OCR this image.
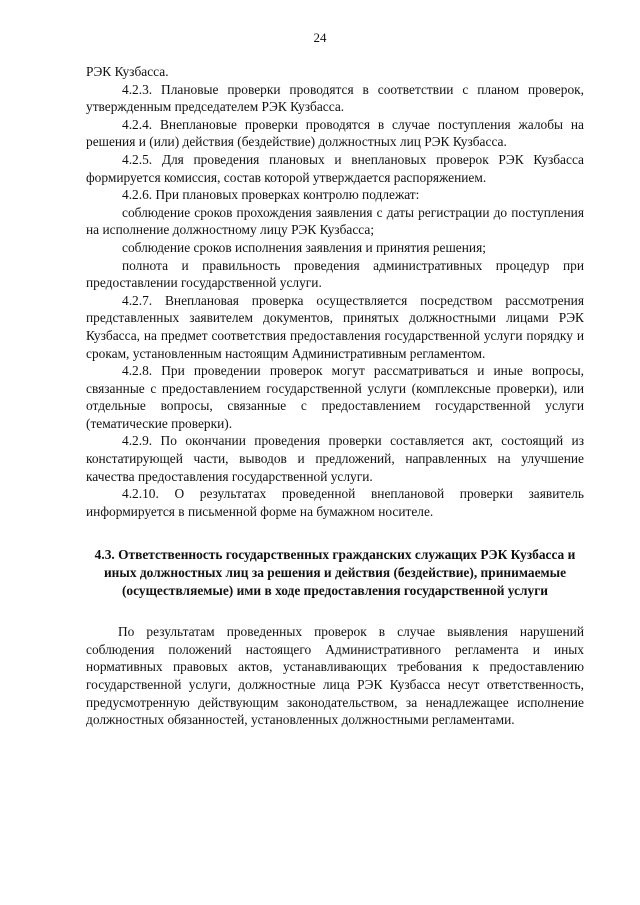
24

РЭК Кузбасса.

4.2.3. Плановые проверки проводятся в соответствии с планом проверок, утвержденным председателем РЭК Кузбасса.

4.2.4. Внеплановые проверки проводятся в случае поступления жалобы на решения и (или) действия (бездействие) должностных лиц РЭК Кузбасса.

4.2.5. Для проведения плановых и внеплановых проверок РЭК Кузбасса формируется комиссия, состав которой утверждается распоряжением.

4.2.6. При плановых проверках контролю подлежат:

соблюдение сроков прохождения заявления с даты регистрации до поступления на исполнение должностному лицу РЭК Кузбасса;

соблюдение сроков исполнения заявления и принятия решения;

полнота и правильность проведения административных процедур при предоставлении государственной услуги.

4.2.7. Внеплановая проверка осуществляется посредством рассмотрения представленных заявителем документов, принятых должностными лицами РЭК Кузбасса, на предмет соответствия предоставления государственной услуги порядку и срокам, установленным настоящим Административным регламентом.

4.2.8. При проведении проверок могут рассматриваться и иные вопросы, связанные с предоставлением государственной услуги (комплексные проверки), или отдельные вопросы, связанные с предоставлением государственной услуги (тематические проверки).

4.2.9. По окончании проведения проверки составляется акт, состоящий из констатирующей части, выводов и предложений, направленных на улучшение качества предоставления государственной услуги.

4.2.10. О результатах проведенной внеплановой проверки заявитель информируется в письменной форме на бумажном носителе.

4.3. Ответственность государственных гражданских служащих РЭК Кузбасса и иных должностных лиц за решения и действия (бездействие), принимаемые (осуществляемые) ими в ходе предоставления государственной услуги

По результатам проведенных проверок в случае выявления нарушений соблюдения положений настоящего Административного регламента и иных нормативных правовых актов, устанавливающих требования к предоставлению государственной услуги, должностные лица РЭК Кузбасса несут ответственность, предусмотренную действующим законодательством, за ненадлежащее исполнение должностных обязанностей, установленных должностными регламентами.
